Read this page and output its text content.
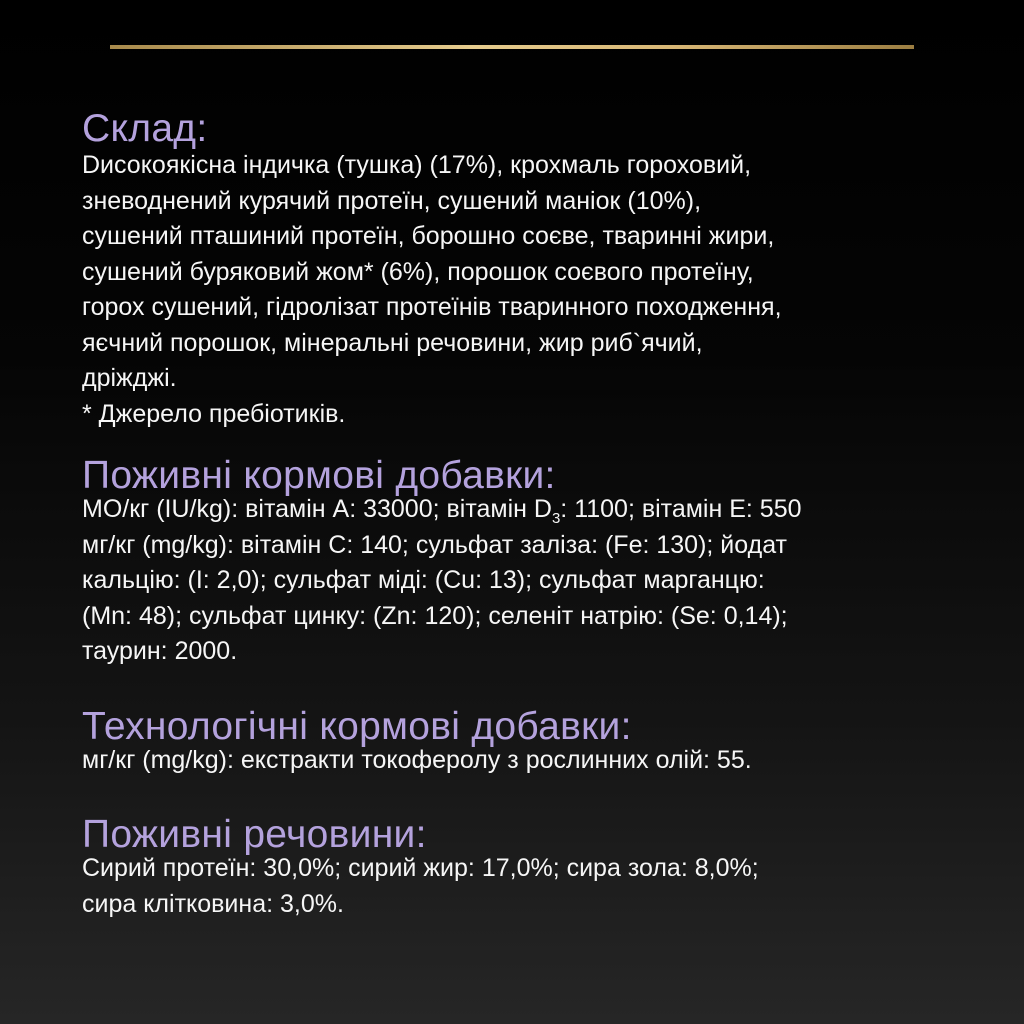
Склад:

Dисокоякісна індичка (тушка) (17%), крохмаль гороховий,
зневоднений курячий протеїн, сушений маніок (10%),
сушений пташиний протеїн, борошно соєве, тваринні жири,
сушений буряковий жом* (6%), порошок соєвого протеїну,
горох сушений, гідролізат протеїнів тваринного походження,
яєчний порошок, мінеральні речовини, жир риб`ячий,
дріжджі.
* Джерело пребіотиків.

Поживні кормові добавки:

МО/кг (IU/kg): вітамін А: 33000; вітамін $D_3$: 1100; вітамін Е: 550
мг/кг (mg/kg): вітамін С: 140; сульфат заліза: (Fe: 130); йодат
кальцію: (I: 2,0); сульфат міді: (Cu: 13); сульфат марганцю:
(Mn: 48); сульфат цинку: (Zn: 120); селеніт натрію: (Se: 0,14);
таурин: 2000.

Технологічні кормові добавки:

мг/кг (mg/kg): екстракти токоферолу з рослинних олій: 55.

Поживні речовини:

Сирий протеїн: 30,0%; сирий жир: 17,0%; сира зола: 8,0%;
сира клітковина: 3,0%.
